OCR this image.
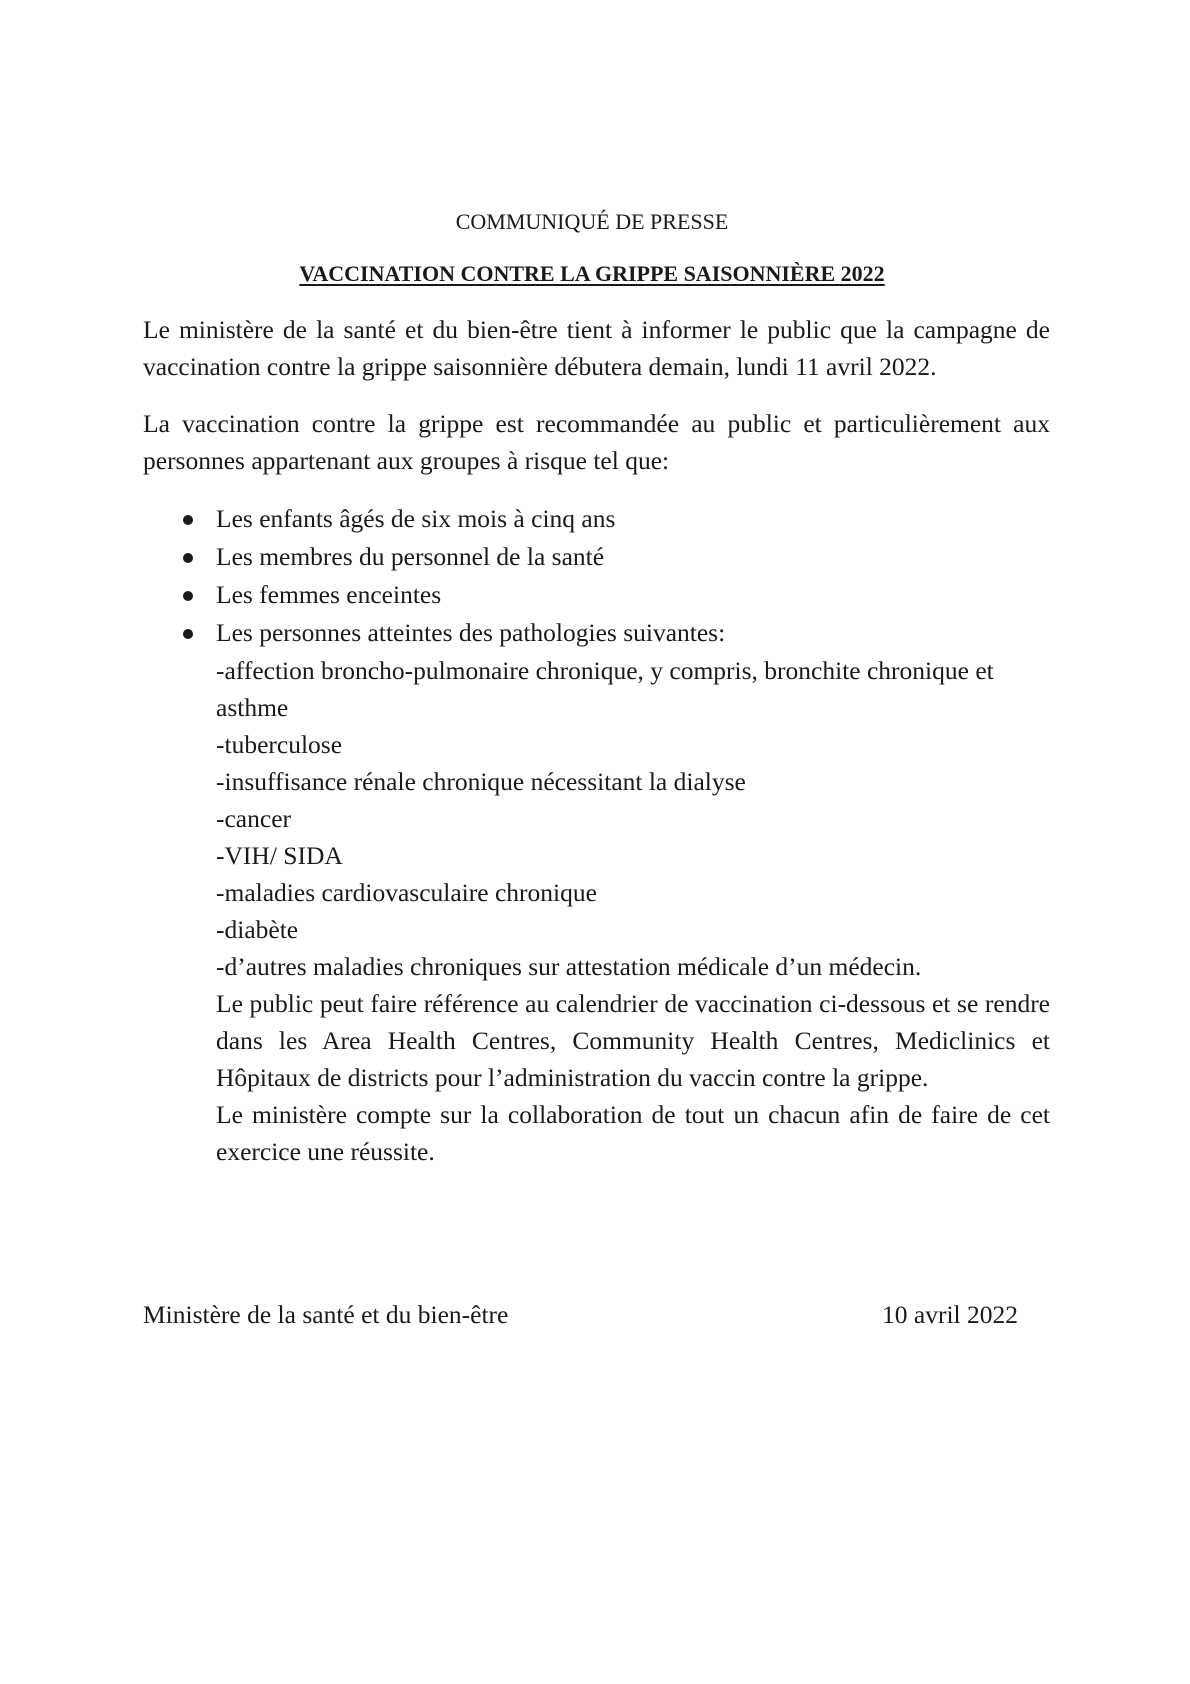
COMMUNIQUÉ DE PRESSE

VACCINATION CONTRE LA GRIPPE SAISONNIÈRE 2022

Le ministère de la santé et du bien-être tient à informer le public que la campagne de vaccination contre la grippe saisonnière débutera demain, lundi 11 avril 2022.

La vaccination contre la grippe est recommandée au public et particulièrement aux personnes appartenant aux groupes à risque tel que:

Les enfants âgés de six mois à cinq ans
Les membres du personnel de la santé
Les femmes enceintes
Les personnes atteintes des pathologies suivantes:
-affection broncho-pulmonaire chronique, y compris, bronchite chronique et asthme
-tuberculose
-insuffisance rénale chronique nécessitant la dialyse
-cancer
-VIH/ SIDA
-maladies cardiovasculaire chronique
-diabète
-d’autres maladies chroniques sur attestation médicale d’un médecin.
Le public peut faire référence au calendrier de vaccination ci-dessous et se rendre dans les Area Health Centres, Community Health Centres, Mediclinics et Hôpitaux de districts pour l’administration du vaccin contre la grippe.
Le ministère compte sur la collaboration de tout un chacun afin de faire de cet exercice une réussite.

Ministère de la santé et du bien-être	10 avril 2022
